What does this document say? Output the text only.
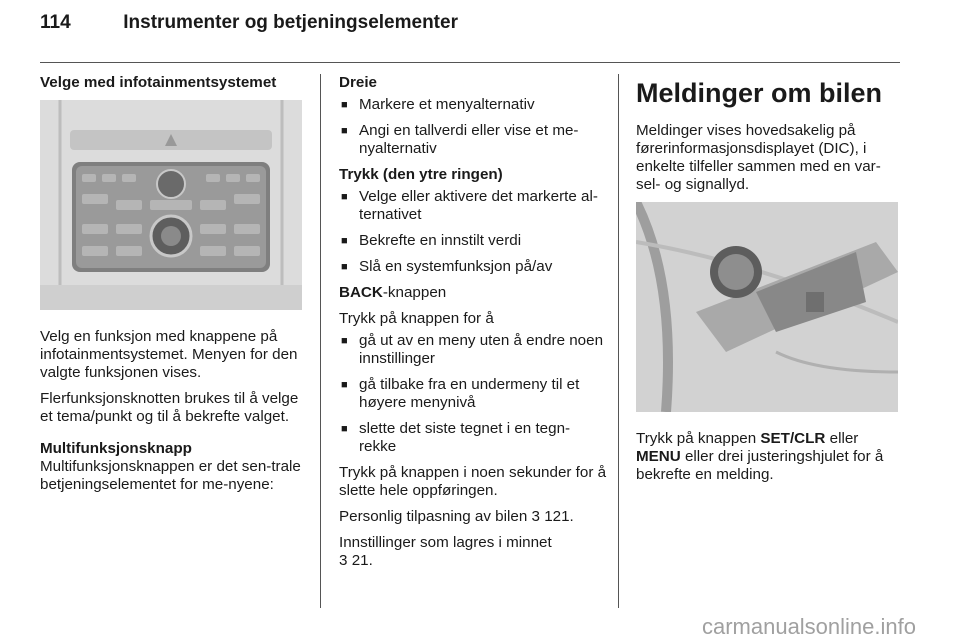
114	Instrumenter og betjeningselementer

Velge med infotainmentsystemet

Velg en funksjon med knappene på infotainmentsystemet. Menyen for den valgte funksjonen vises.

Flerfunksjonsknotten brukes til å velge et tema/punkt og til å bekrefte valget.

Multifunksjonsknapp

Multifunksjonsknappen er det sen-trale betjeningselementet for me-nyene:

Dreie

■ Markere et menyalternativ
■ Angi en tallverdi eller vise et me-nyalternativ

Trykk (den ytre ringen)

■ Velge eller aktivere det markerte al-ternativet
■ Bekrefte en innstilt verdi
■ Slå en systemfunksjon på/av

BACK-knappen

Trykk på knappen for å

■ gå ut av en meny uten å endre noen innstillinger
■ gå tilbake fra en undermeny til et høyere menynivå
■ slette det siste tegnet i en tegn-rekke

Trykk på knappen i noen sekunder for å slette hele oppføringen.

Personlig tilpasning av bilen 3 121.

Innstillinger som lagres i minnet
3 21.

Meldinger om bilen

Meldinger vises hovedsakelig på førerinformasjonsdisplayet (DIC), i enkelte tilfeller sammen med en var-sel- og signallyd.

Trykk på knappen SET/CLR eller
MENU eller drei justeringshjulet for å bekrefte en melding.

carmanualsonline.info
